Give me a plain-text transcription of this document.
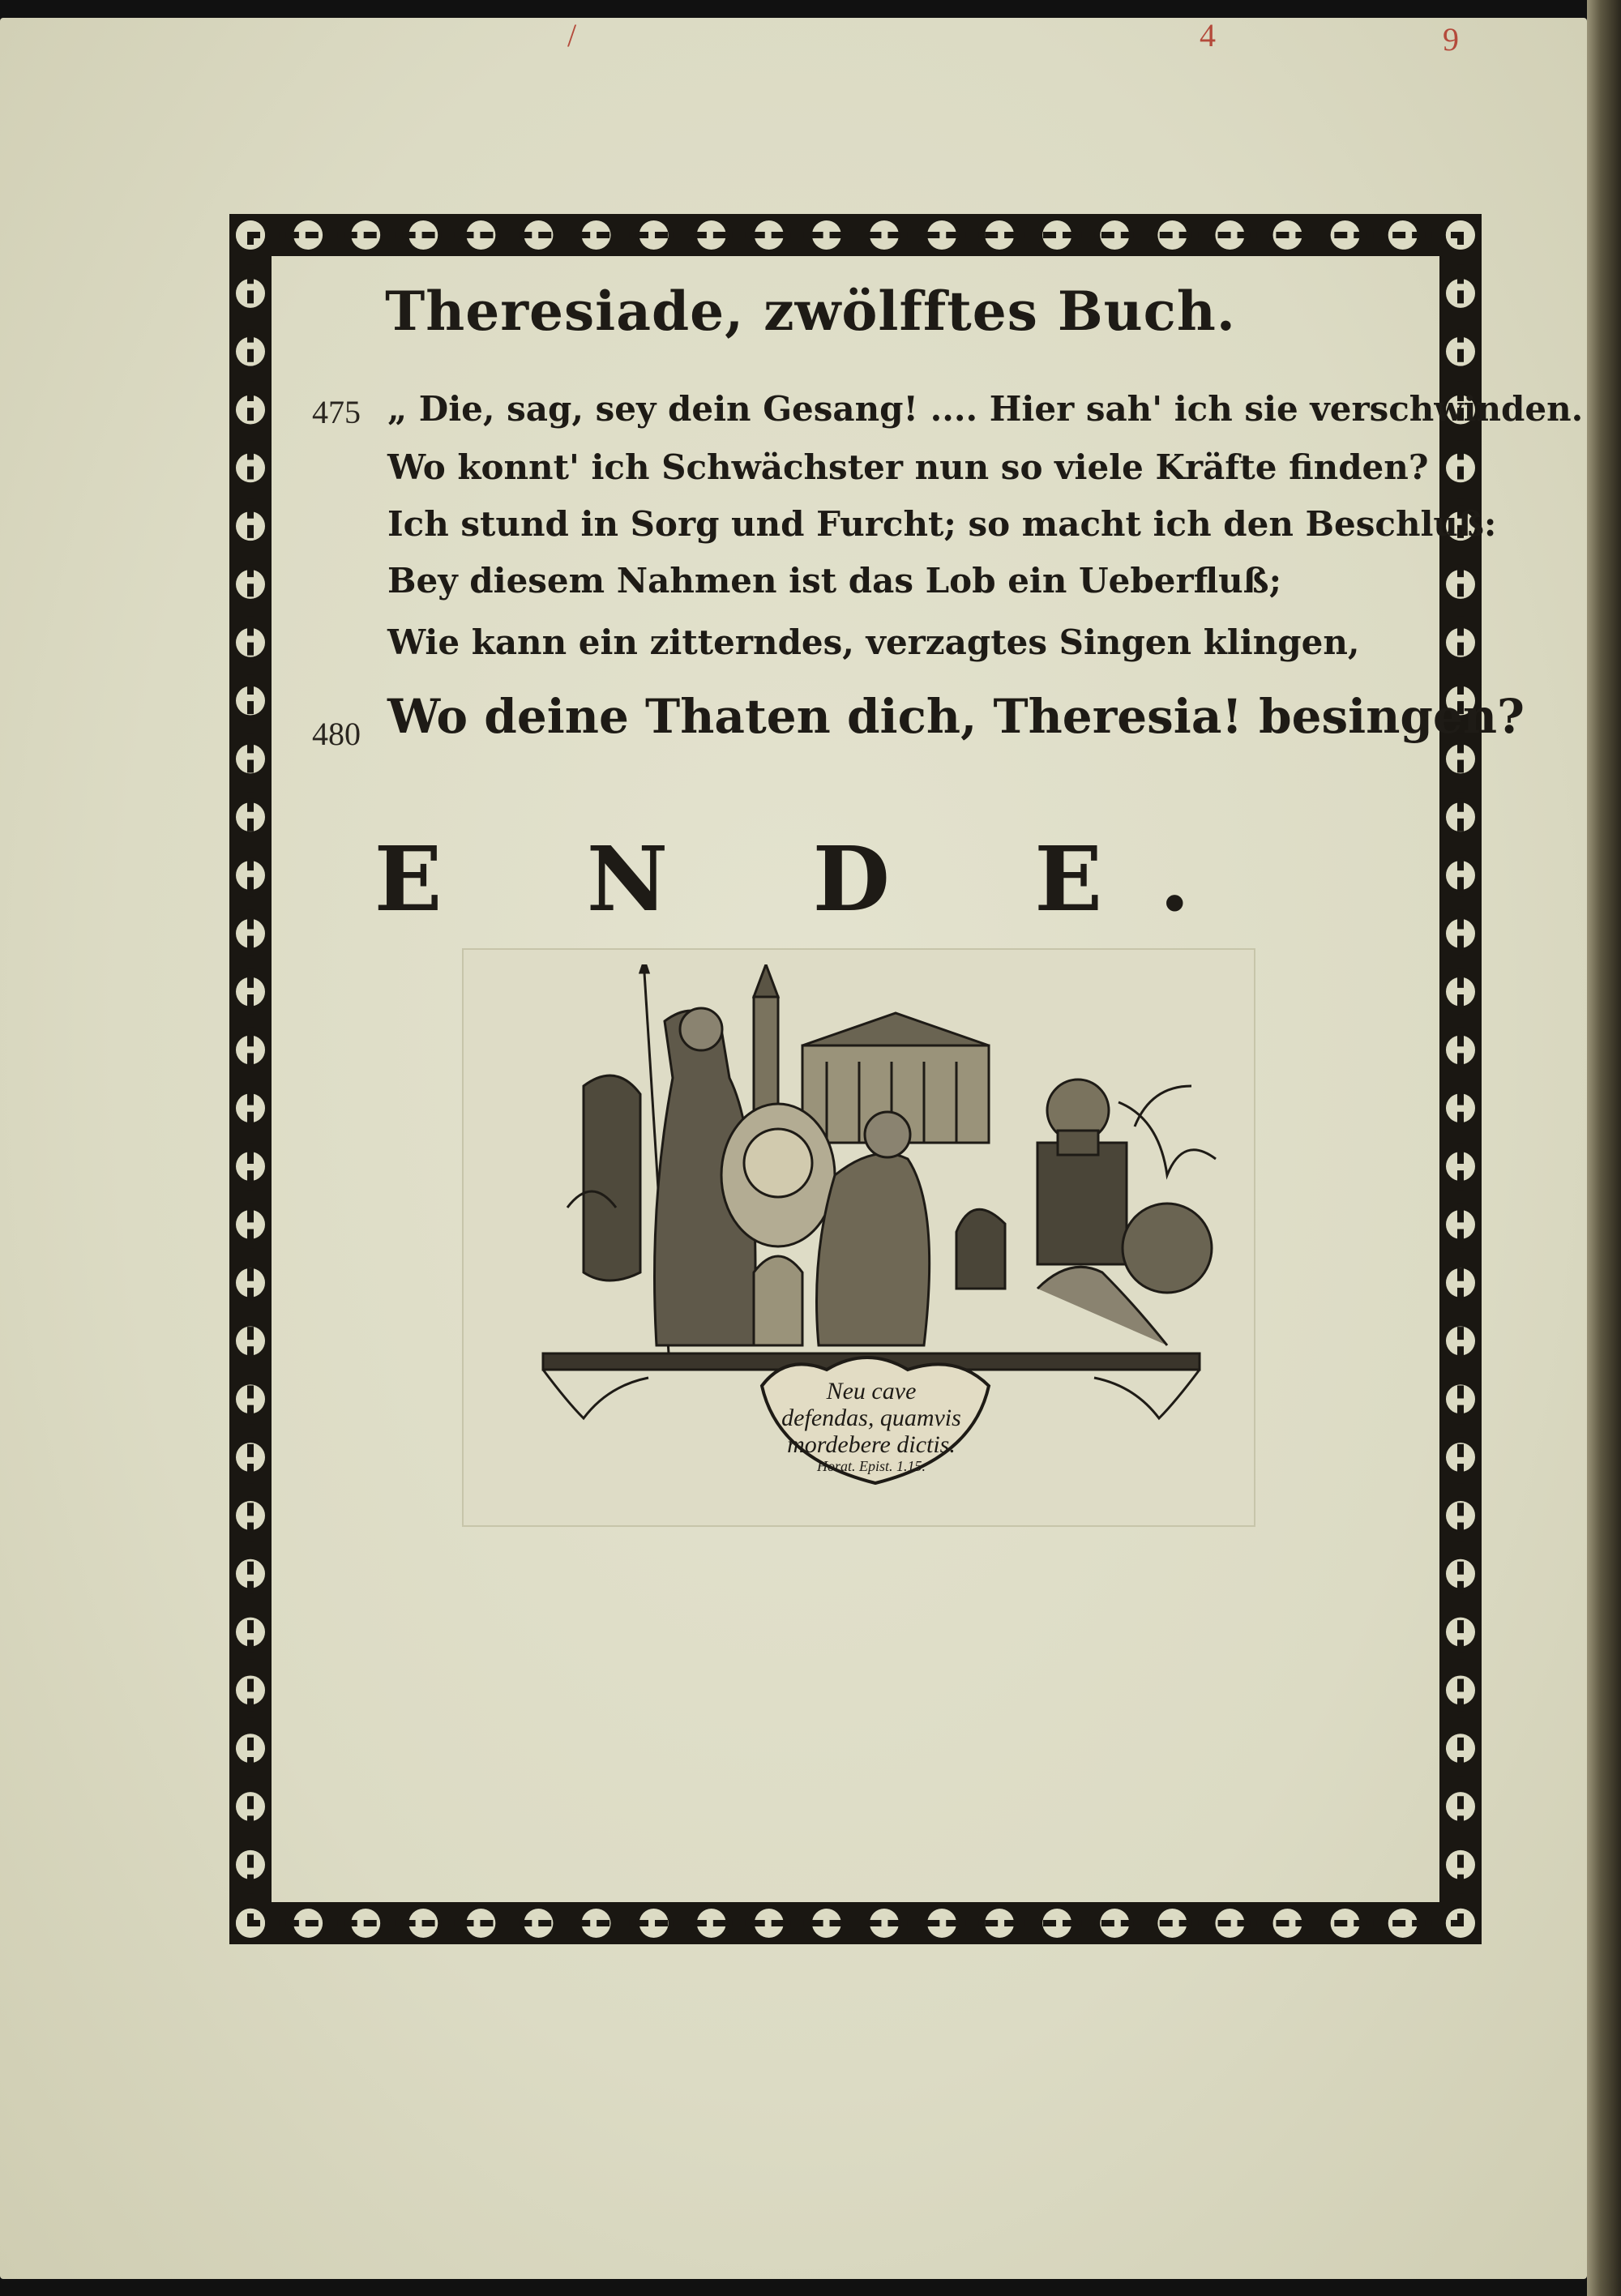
/	4	9
Theresiade, zwölfftes Buch.
475 „ Die, sag, sey dein Gesang! .... Hier sah' ich sie verschwinden.
Wo konnt' ich Schwächster nun so viele Kräfte finden?
Ich stund in Sorg und Furcht; so macht ich den Beschluß:
Bey diesem Nahmen ist das Lob ein Ueberfluß;
Wie kann ein zitterndes, verzagtes Singen klingen,
480 Wo deine Thaten dich, Theresia! besingen?
E N D E.
Neu cave
defendas, quamvis
mordebere dictis.
Horat. Epist. 1.15.
